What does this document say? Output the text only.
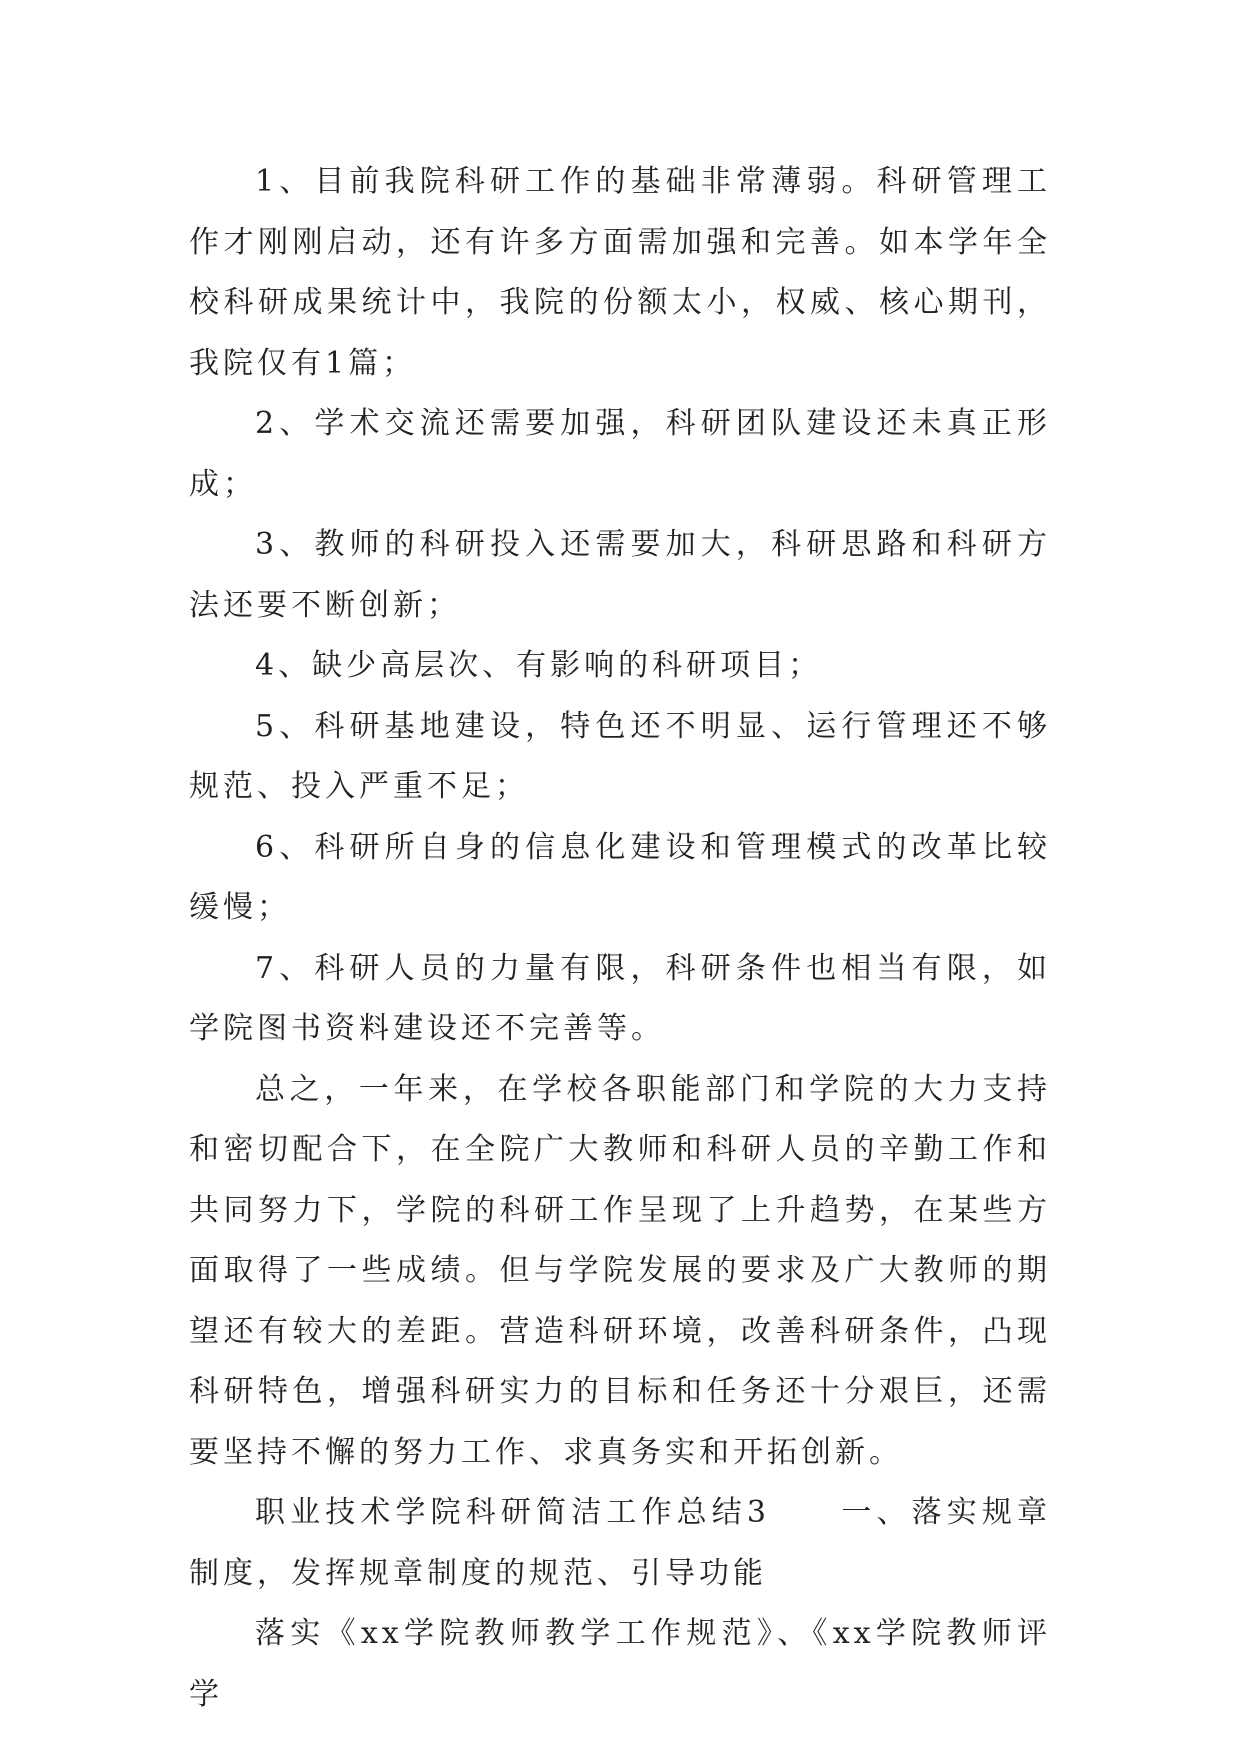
1、目前我院科研工作的基础非常薄弱。科研管理工作才刚刚启动，还有许多方面需加强和完善。如本学年全校科研成果统计中，我院的份额太小，权威、核心期刊，我院仅有1篇；

2、学术交流还需要加强，科研团队建设还未真正形成；

3、教师的科研投入还需要加大，科研思路和科研方法还要不断创新；

4、缺少高层次、有影响的科研项目；

5、科研基地建设，特色还不明显、运行管理还不够规范、投入严重不足；

6、科研所自身的信息化建设和管理模式的改革比较缓慢；

7、科研人员的力量有限，科研条件也相当有限，如学院图书资料建设还不完善等。

总之，一年来，在学校各职能部门和学院的大力支持和密切配合下，在全院广大教师和科研人员的辛勤工作和共同努力下，学院的科研工作呈现了上升趋势，在某些方面取得了一些成绩。但与学院发展的要求及广大教师的期望还有较大的差距。营造科研环境，改善科研条件，凸现科研特色，增强科研实力的目标和任务还十分艰巨，还需要坚持不懈的努力工作、求真务实和开拓创新。

职业技术学院科研简洁工作总结3　　一、落实规章制度，发挥规章制度的规范、引导功能

落实《xx学院教师教学工作规范》、《xx学院教师评学
